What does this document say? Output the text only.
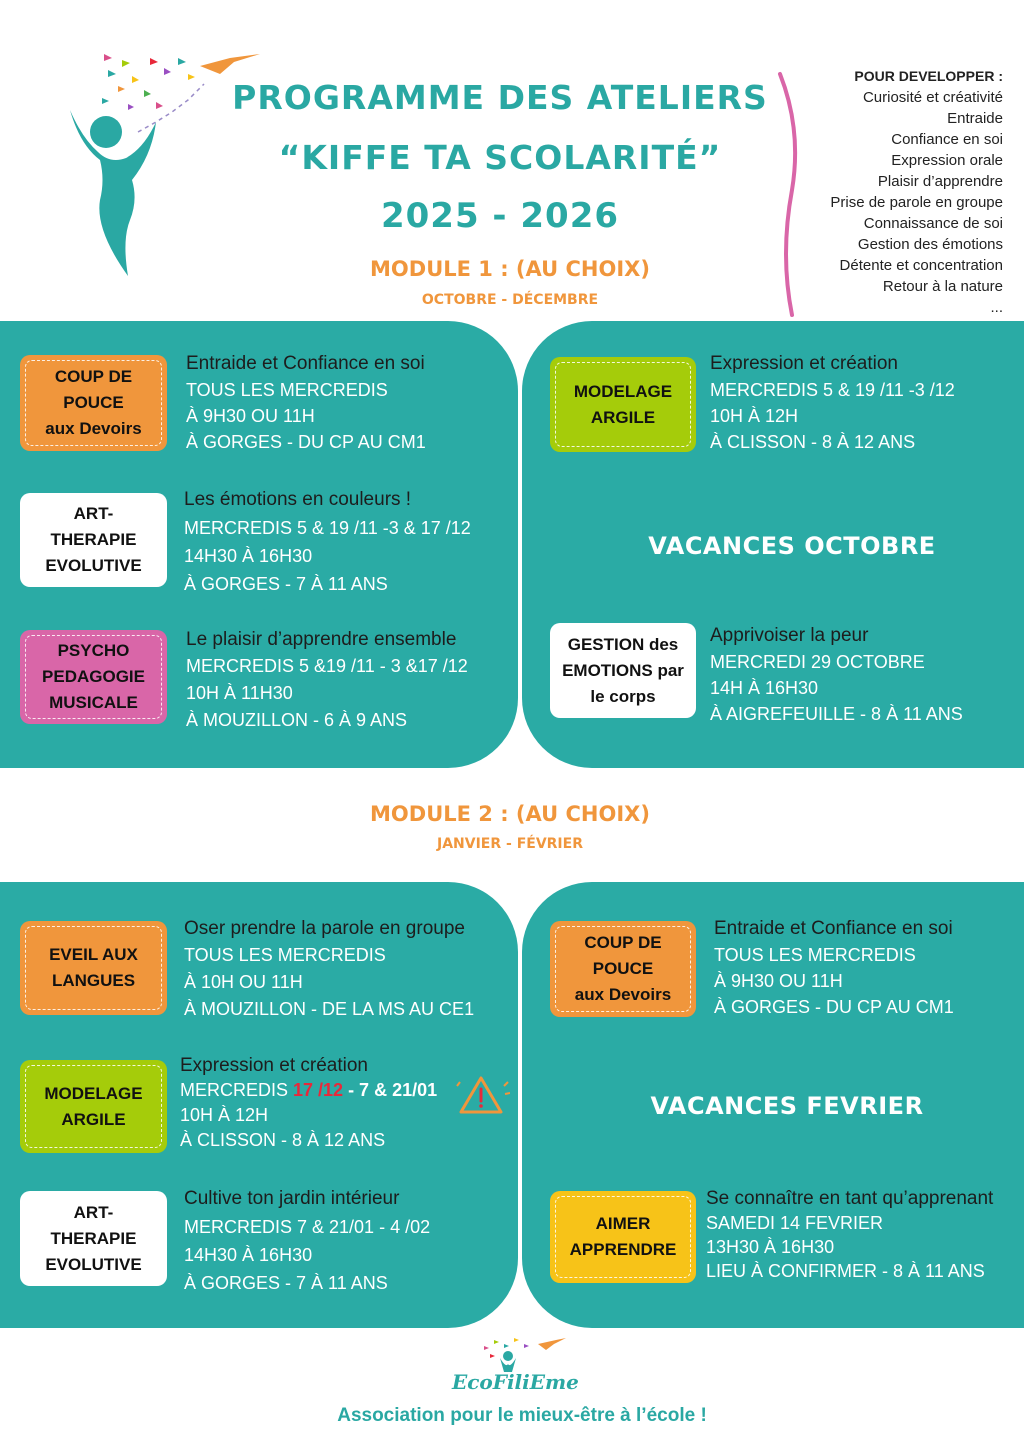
PROGRAMME DES ATELIERS
“KIFFE TA SCOLARITÉ”
2025 - 2026
POUR DEVELOPPER :
Curiosité et créativité
Entraide
Confiance en soi
Expression orale
Plaisir d’apprendre
Prise de parole en groupe
Connaissance de soi
Gestion des émotions
Détente et concentration
Retour à la nature
...
MODULE 1 : (AU CHOIX)
OCTOBRE - DÉCEMBRE
COUP DE
POUCE
aux Devoirs
Entraide et Confiance en soi
TOUS LES MERCREDIS
À 9H30 OU 11H
À GORGES - DU CP AU CM1
ART-
THERAPIE
EVOLUTIVE
Les émotions en couleurs !
MERCREDIS 5 & 19 /11 -3 & 17 /12
14H30 À 16H30
À GORGES - 7 À 11 ANS
PSYCHO
PEDAGOGIE
MUSICALE
Le plaisir d’apprendre ensemble
MERCREDIS 5 &19 /11 - 3 &17 /12
10H À 11H30
À MOUZILLON - 6 À 9 ANS
MODELAGE
ARGILE
Expression et création
MERCREDIS 5 & 19 /11 -3 /12
10H À 12H
À CLISSON - 8 À 12 ANS
VACANCES OCTOBRE
GESTION des
EMOTIONS par
le corps
Apprivoiser la peur
MERCREDI 29 OCTOBRE
14H À 16H30
À AIGREFEUILLE - 8 À 11 ANS
MODULE 2 : (AU CHOIX)
JANVIER - FÉVRIER
EVEIL AUX
LANGUES
Oser prendre la parole en groupe
TOUS LES MERCREDIS
À 10H OU 11H
À MOUZILLON - DE LA MS AU CE1
MODELAGE
ARGILE
Expression et création
MERCREDIS 17 /12 - 7 & 21/01
10H À 12H
À CLISSON - 8 À 12 ANS
ART-
THERAPIE
EVOLUTIVE
Cultive ton jardin intérieur
MERCREDIS 7 & 21/01 - 4 /02
14H30 À 16H30
À GORGES - 7 À 11 ANS
COUP DE
POUCE
aux Devoirs
Entraide et Confiance en soi
TOUS LES MERCREDIS
À 9H30 OU 11H
À GORGES - DU CP AU CM1
VACANCES FEVRIER
AIMER
APPRENDRE
Se connaître en tant qu’apprenant
SAMEDI 14 FEVRIER
13H30 À 16H30
LIEU À CONFIRMER - 8 À 11 ANS
EcoFiliEme
Association pour le mieux-être à l’école !
